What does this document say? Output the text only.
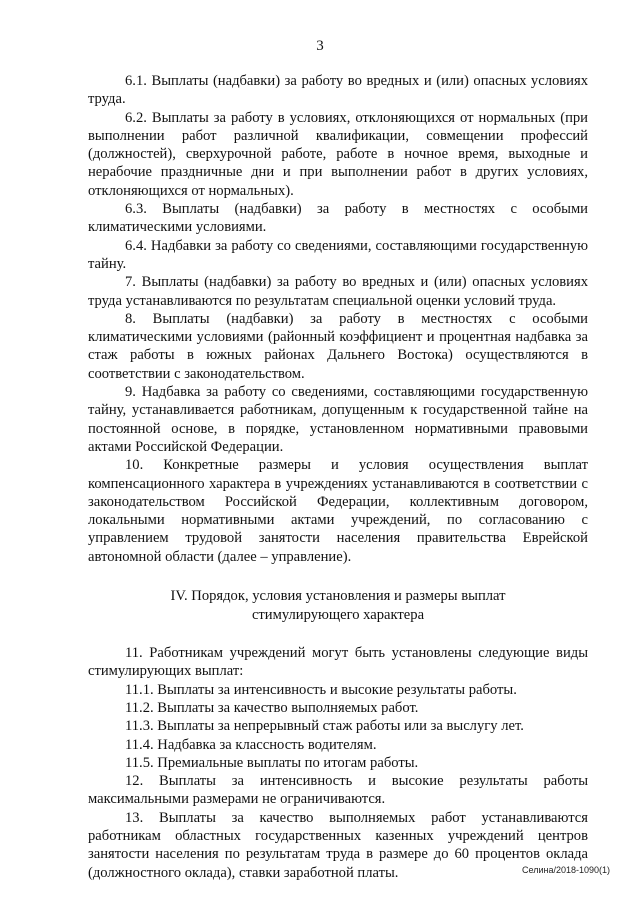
3

6.1. Выплаты (надбавки) за работу во вредных и (или) опасных условиях труда.

6.2. Выплаты за работу в условиях, отклоняющихся от нормальных (при выполнении работ различной квалификации, совмещении профессий (должностей), сверхурочной работе, работе в ночное время, выходные и нерабочие праздничные дни и при выполнении работ в других условиях, отклоняющихся от нормальных).

6.3. Выплаты (надбавки) за работу в местностях с особыми климатическими условиями.

6.4. Надбавки за работу со сведениями, составляющими государственную тайну.

7. Выплаты (надбавки) за работу во вредных и (или) опасных условиях труда устанавливаются по результатам специальной оценки условий труда.

8. Выплаты (надбавки) за работу в местностях с особыми климатическими условиями (районный коэффициент и процентная надбавка за стаж работы в южных районах Дальнего Востока) осуществляются в соответствии с законодательством.

9. Надбавка за работу со сведениями, составляющими государственную тайну, устанавливается работникам, допущенным к государственной тайне на постоянной основе, в порядке, установленном нормативными правовыми актами Российской Федерации.

10. Конкретные размеры и условия осуществления выплат компенсационного характера в учреждениях устанавливаются в соответствии с законодательством Российской Федерации, коллективным договором, локальными нормативными актами учреждений, по согласованию с управлением трудовой занятости населения правительства Еврейской автономной области (далее – управление).

IV. Порядок, условия установления и размеры выплат
стимулирующего характера

11. Работникам учреждений могут быть установлены следующие виды стимулирующих выплат:

11.1. Выплаты за интенсивность и высокие результаты работы.

11.2. Выплаты за качество выполняемых работ.

11.3. Выплаты за непрерывный стаж работы или за выслугу лет.

11.4. Надбавка за классность водителям.

11.5. Премиальные выплаты по итогам работы.

12. Выплаты за интенсивность и высокие результаты работы максимальными размерами не ограничиваются.

13. Выплаты за качество выполняемых работ устанавливаются работникам областных государственных казенных учреждений центров занятости населения по результатам труда в размере до 60 процентов оклада (должностного оклада), ставки заработной платы.	Селина/2018-1090(1)
